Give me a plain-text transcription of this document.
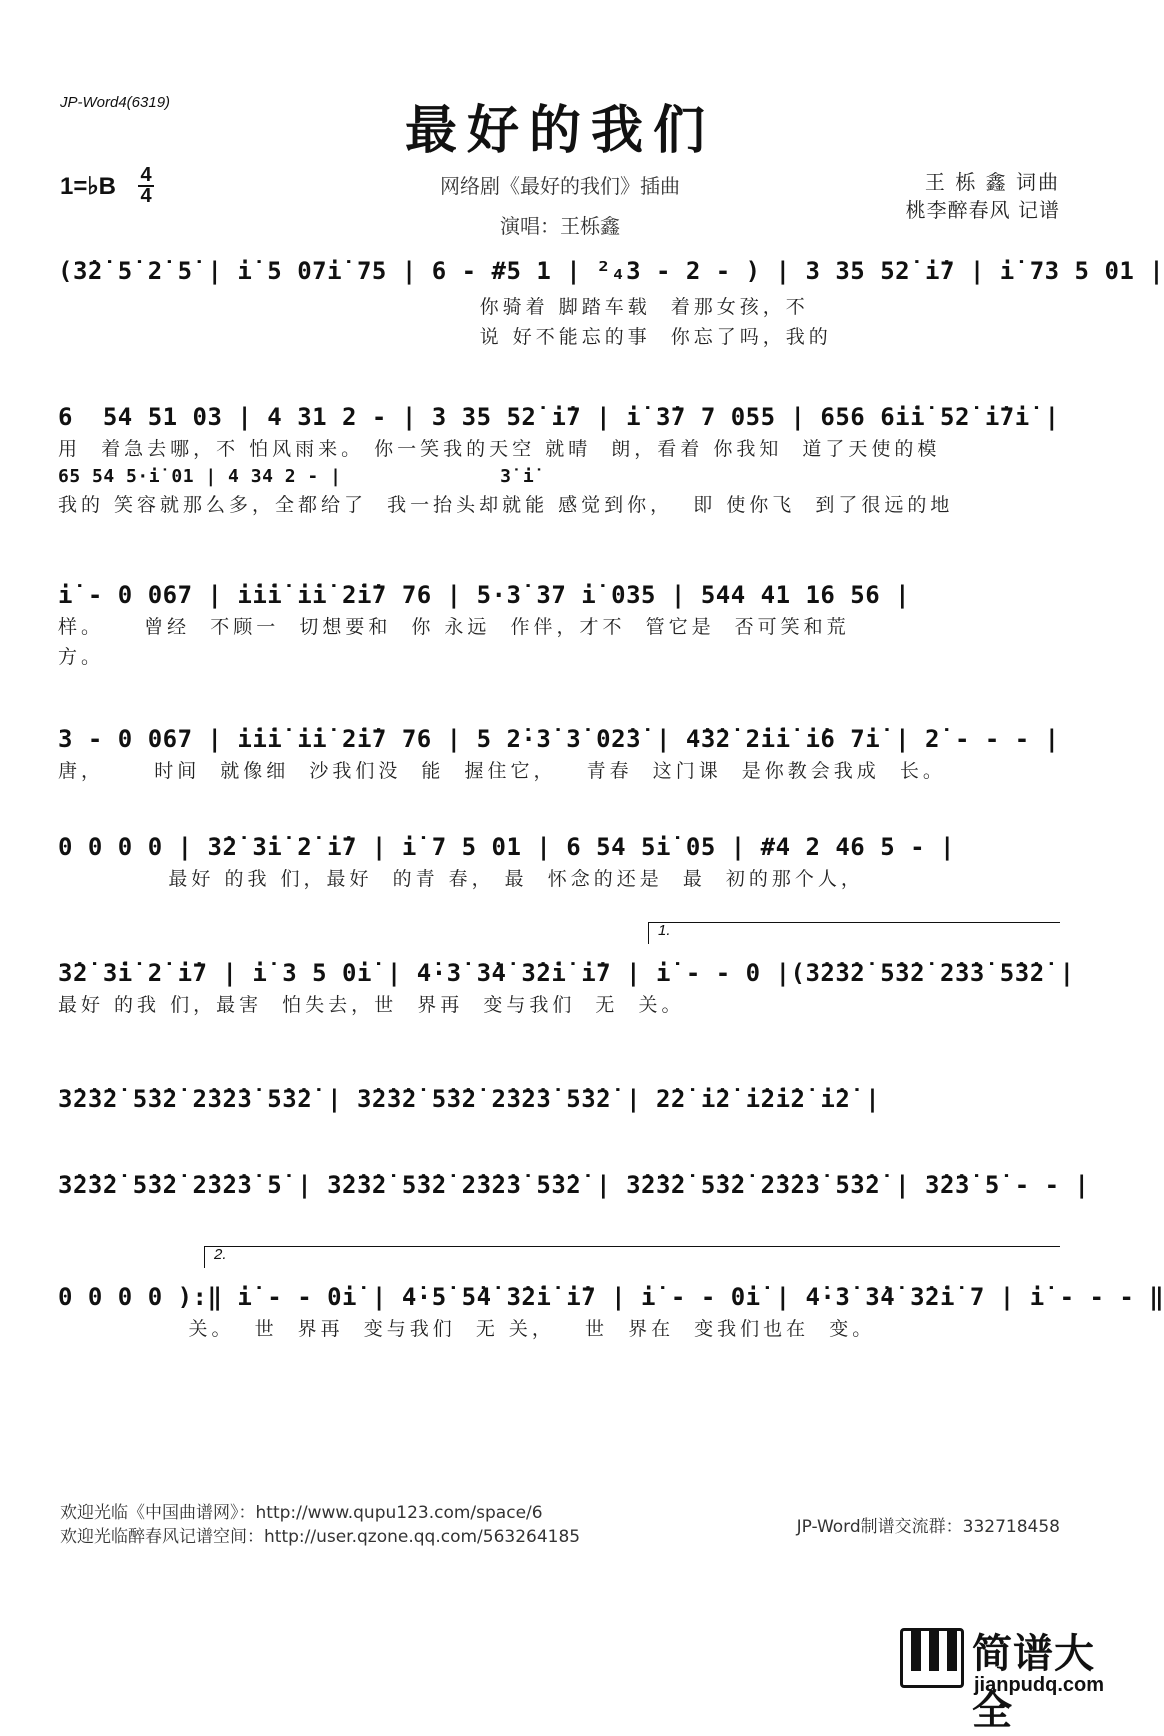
JP-Word4(6319)	最好的我们
1=♭B 4
4	网络剧《最好的我们》插曲
演唱：王栎鑫
王 栎 鑫 词曲
桃李醉春风 记谱
(3̇2̇ 5̇ 2̇ 5̇ | i̇ 5 07i̇ 75 | 6 - #5 1 | ²₄3 - 2 - ) | 3 35 52̇ i̇7 | i̇ 73 5 01 |
你骑着 脚踏车载  着那女孩，不
说 好不能忘的事  你忘了吗，我的
6  54 51 03 | 4 31 2 - | 3 35 52̇ i̇7 | i̇ 3̇7 7 055 | 656 6i̇i̇ 52̇ i̇7i̇ |
用  着急去哪，不 怕风雨来。 你一笑我的天空 就晴  朗，看着 你我知  道了天使的模
65 54 5·i̇ 01 | 4 34 2 - |              3̇ i̇
我的 笑容就那么多，全都给了  我一抬头却就能 感觉到你，  即 使你飞  到了很远的地
i̇ - 0 067 | i̇i̇i̇ i̇i̇ 2̇i̇7 76 | 5·3̇ 37 i̇ 035 | 544 41 16 56 |
样。    曾经  不顾一  切想要和  你 永远  作伴，才不  管它是  否可笑和荒
方。
3 - 0 067 | i̇i̇i̇ i̇i̇ 2̇i̇7 76 | 5 2̇·3̇ 3̇ 02̇3̇ | 4̇3̇2̇ 2̇i̇i̇ i̇6 7i̇ | 2̇ - - - |
唐，     时间  就像细  沙我们没  能  握住它，   青春  这门课  是你教会我成  长。
0 0 0 0 | 3̇2̇ 3̇i̇ 2̇ i̇7 | i̇ 7 5 01 | 6 54 5i̇ 05 | #4 2 46 5 - |
最好 的我 们，最好  的青 春， 最  怀念的还是  最  初的那个人，
1.
3̇2̇ 3̇i̇ 2̇ i̇7 | i̇ 3 5 0i̇ | 4̇·3̇ 3̇4̇ 3̇2̇i̇ i̇7 | i̇ - - 0 |(3̇2̇3̇2̇ 5̇3̇2̇ 2̇3̇3̇ 5̇3̇2̇ |
最好 的我 们，最害  怕失去，世  界再  变与我们  无  关。
3̇2̇3̇2̇ 5̇3̇2̇ 2̇3̇2̇3̇ 5̇3̇2̇ | 3̇2̇3̇2̇ 5̇3̇2̇ 2̇3̇2̇3̇ 5̇3̇2̇ | 2̇2̇ i̇2̇ i̇2̇i̇2̇ i̇2̇ |
3̇2̇3̇2̇ 5̇3̇2̇ 2̇3̇2̇3̇ 5̇ | 3̇2̇3̇2̇ 5̇3̇2̇ 2̇3̇2̇3̇ 5̇3̇2̇ | 3̇2̇3̇2̇ 5̇3̇2̇ 2̇3̇2̇3̇ 5̇3̇2̇ | 3̇2̇3̇ 5̇ - - |
2.
0 0 0 0 ):‖ i̇ - - 0i̇ | 4̇·5̇ 5̇4̇ 3̇2̇i̇ i̇7 | i̇ - - 0i̇ | 4̇·3̇ 3̇4̇ 3̇2̇i̇ 7 | i̇ - - - ‖
关。  世  界再  变与我们  无 关，   世  界在  变我们也在  变。
欢迎光临《中国曲谱网》：http://www.qupu123.com/space/6
欢迎光临醉春风记谱空间：http://user.qzone.qq.com/563264185	JP-Word制谱交流群：332718458
简谱大全
jianpudq.com
